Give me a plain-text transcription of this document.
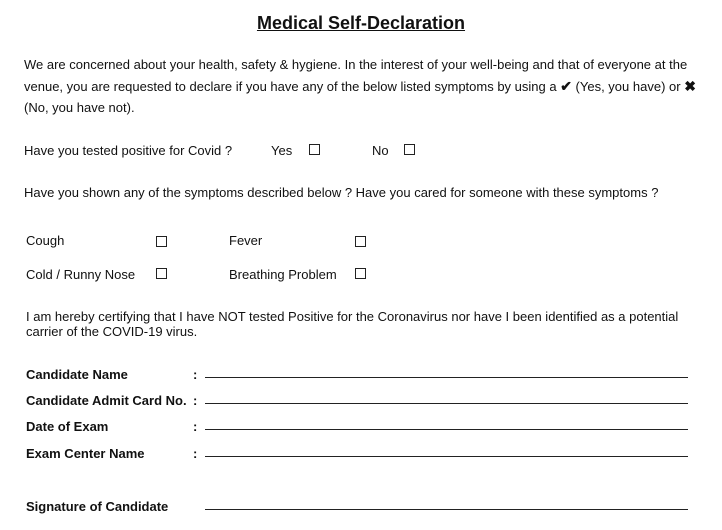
Medical Self-Declaration
We are concerned about your health, safety & hygiene. In the interest of your well-being and that of everyone at the venue, you are requested to declare if you have any of the below listed symptoms by using a ✔ (Yes, you have) or ✖ (No, you have not).
Have you tested positive for Covid ?	Yes	No
Have you shown any of the symptoms described below ? Have you cared for someone with these symptoms ?
Cough	Fever
Cold / Runny Nose	Breathing Problem
I am hereby certifying that I have NOT tested Positive for the Coronavirus nor have I been identified as a potential carrier of the COVID-19 virus.
Candidate Name	:
Candidate Admit Card No. :
Date of Exam	:
Exam Center Name	:
Signature of Candidate
